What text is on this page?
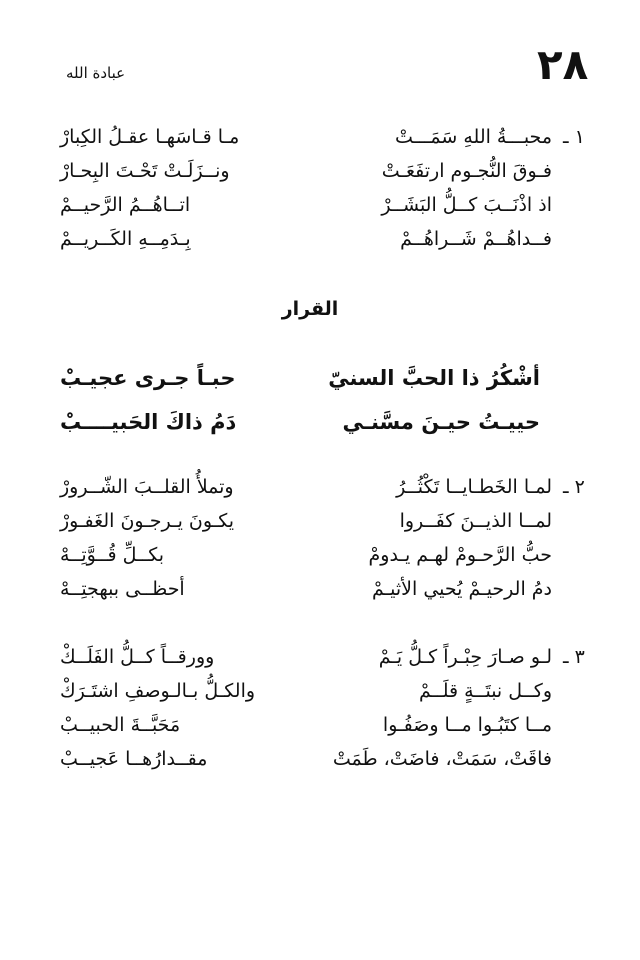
٢٨
عبادة الله
١ ـ
محبـــةُ اللهِ سَمَـــتْ
مـا قـاسَهـا عقـلُ الكِبارْ
فـوقَ النُّجـوم ارتفَعَـتْ
ونــزَلَـتْ تَحْـتَ البِحـارْ
اذ اذْنَــبَ كــلُّ البَشَــرْ
اتــاهُــمُ الرَّحيــمْ
فــداهُــمْ شَــراهُــمْ
بِـدَمِــهِ الكَــريــمْ
القرار
أشْكُرُ ذا الحبَّ السنيّ
حبـاً جـرى عجيـبْ
حييـتُ حيـنَ مسَّنـي
دَمُ ذاكَ الحَبيــــبْ
٢ ـ
لمـا الخَطـايــا تَكْثُــرُ
وتملأُ القلــبَ الشّــرورْ
لمــا الذيــنَ كفَــروا
يكـونَ يـرجـونَ الغَفـورْ
حبُّ الرَّحـومْ لهـم يـدومْ
بكــلِّ قُــوَّتِــهْ
دمُ الرحيـمْ يُحيي الأثيـمْ
أحظــى ببهجتِــهْ
٣ ـ
لـو صـارَ حِبْـراً كـلُّ يَـمْ
وورقــاً كــلُّ الفَلَــكْ
وكــل نبتَــةٍ قلَــمْ
والكـلُّ بـالـوصفِ اشتَـرَكْ
مــا كتَبُـوا مــا وصَفُـوا
مَحَبَّــةَ الحبيــبْ
فاقَتْ، سَمَتْ، فاضَتْ، طَمَتْ
مقــدارُهــا عَجيــبْ
